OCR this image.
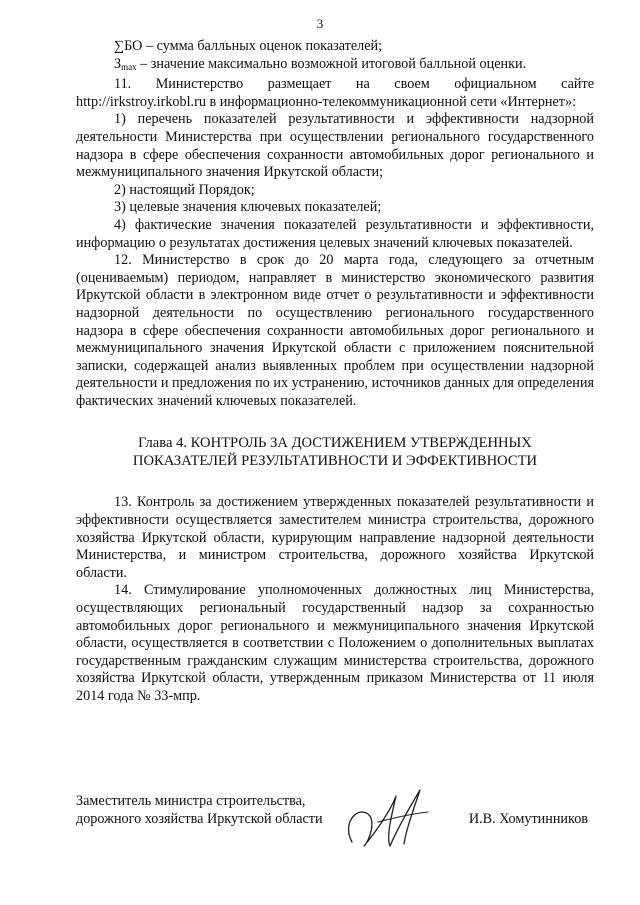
3

∑БО – сумма балльных оценок показателей;

$З_{max}$ – значение максимально возможной итоговой балльной оценки.

11. Министерство размещает на своем официальном сайте http://irkstroy.irkobl.ru в информационно-телекоммуникационной сети «Интернет»:

1) перечень показателей результативности и эффективности надзорной деятельности Министерства при осуществлении регионального государственного надзора в сфере обеспечения сохранности автомобильных дорог регионального и межмуниципального значения Иркутской области;

2) настоящий Порядок;

3) целевые значения ключевых показателей;

4) фактические значения показателей результативности и эффективности, информацию о результатах достижения целевых значений ключевых показателей.

12. Министерство в срок до 20 марта года, следующего за отчетным (оцениваемым) периодом, направляет в министерство экономического развития Иркутской области в электронном виде отчет о результативности и эффективности надзорной деятельности по осуществлению регионального государственного надзора в сфере обеспечения сохранности автомобильных дорог регионального и межмуниципального значения Иркутской области с приложением пояснительной записки, содержащей анализ выявленных проблем при осуществлении надзорной деятельности и предложения по их устранению, источников данных для определения фактических значений ключевых показателей.

Глава 4. КОНТРОЛЬ ЗА ДОСТИЖЕНИЕМ УТВЕРЖДЕННЫХ
ПОКАЗАТЕЛЕЙ РЕЗУЛЬТАТИВНОСТИ И ЭФФЕКТИВНОСТИ

13. Контроль за достижением утвержденных показателей результативности и эффективности осуществляется заместителем министра строительства, дорожного хозяйства Иркутской области, курирующим направление надзорной деятельности Министерства, и министром строительства, дорожного хозяйства Иркутской области.

14. Стимулирование уполномоченных должностных лиц Министерства, осуществляющих региональный государственный надзор за сохранностью автомобильных дорог регионального и межмуниципального значения Иркутской области, осуществляется в соответствии с Положением о дополнительных выплатах государственным гражданским служащим министерства строительства, дорожного хозяйства Иркутской области, утвержденным приказом Министерства от 11 июля 2014 года № 33-мпр.

Заместитель министра строительства,
дорожного хозяйства Иркутской области	И.В. Хомутинников
